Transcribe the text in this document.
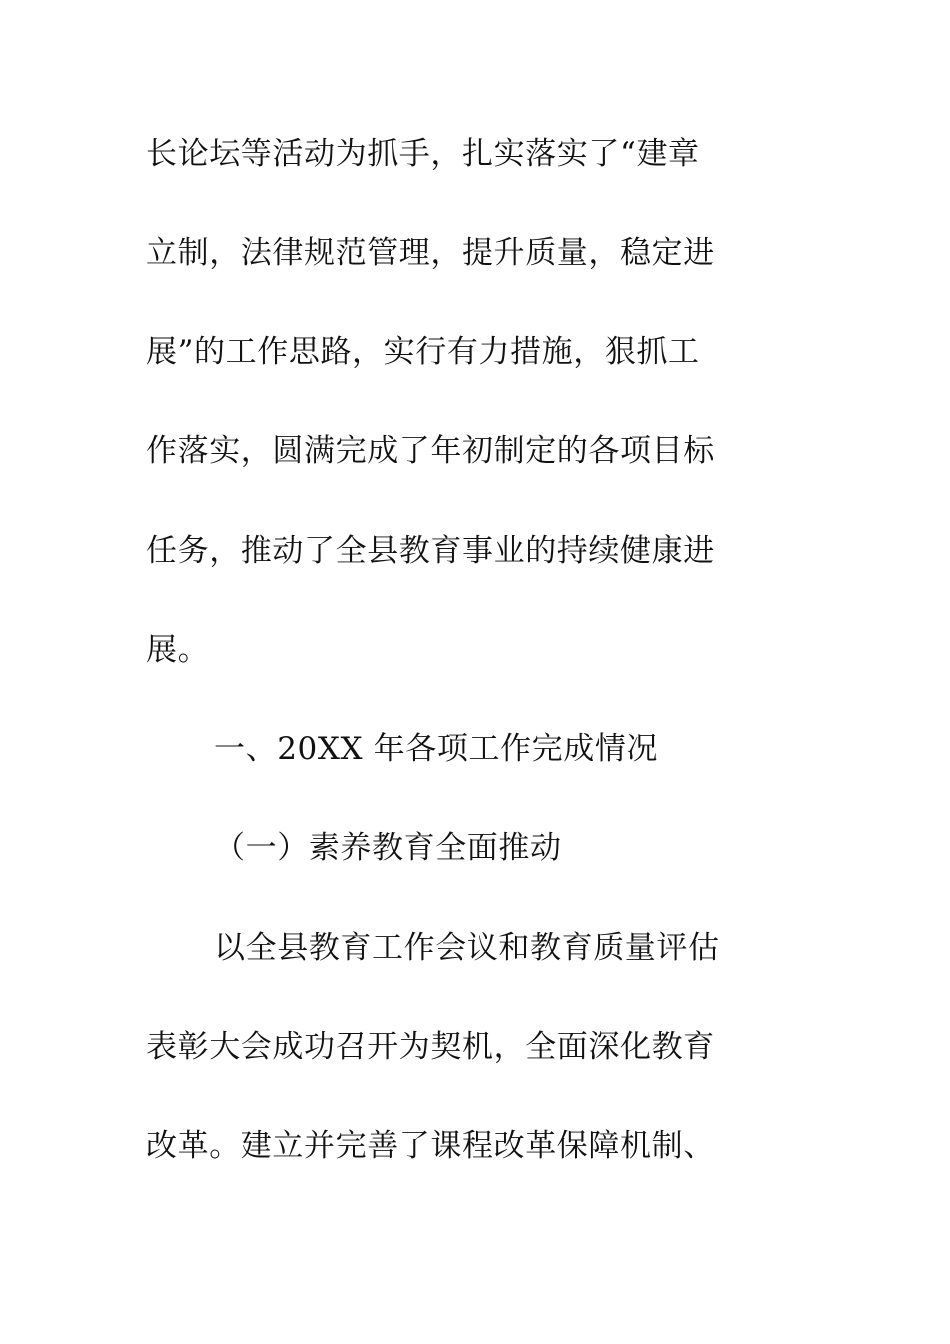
长论坛等活动为抓手，扎实落实了“建章
立制，法律规范管理，提升质量，稳定进
展”的工作思路，实行有力措施，狠抓工
作落实，圆满完成了年初制定的各项目标
任务，推动了全县教育事业的持续健康进
展。
一、20XX 年各项工作完成情况
（一）素养教育全面推动
以全县教育工作会议和教育质量评估
表彰大会成功召开为契机，全面深化教育
改革。建立并完善了课程改革保障机制、
